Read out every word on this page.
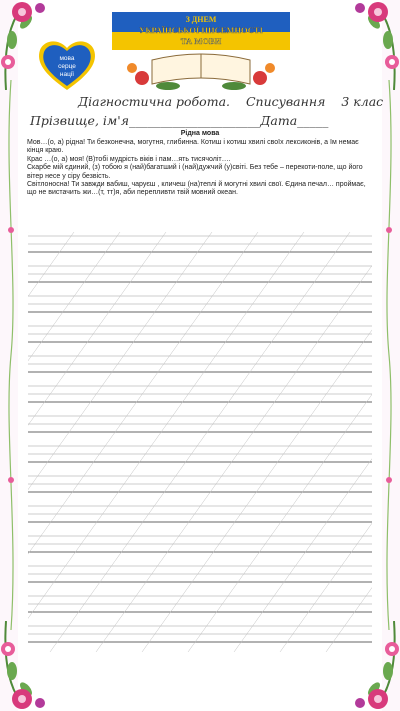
З ДНЕМ
УКРАЇНСЬКОЇ ПИСЕМНОСТІ
ТА МОВИ
мова
серце
нації
Діагностична робота. Списування 3 клас
Прізвище, ім'я_____________________Дата_____
Рідна мова

Мов…(о, а) рідна! Ти безконечна, могутня, глибинна. Котиш і котиш хвилі своїх лексиконів, а їм немає кінця краю.

Крас …(о, а) моя! (В)тобі мудрість віків і пам…ять тисячоліт….

Скарбе мій єдиний, (з) тобою я (най)багатший і (най)дужчий (у)світі. Без тебе – перекоти-поле, що його вітер несе у сіру безвість.

Світлоносна! Ти завжди вабиш, чаруєш , кличеш (на)теплі й могутні хвилі свої. Єдина печал… проймає, що не вистачить жи…(т, тт)я, аби перепливти твій мовний океан.
